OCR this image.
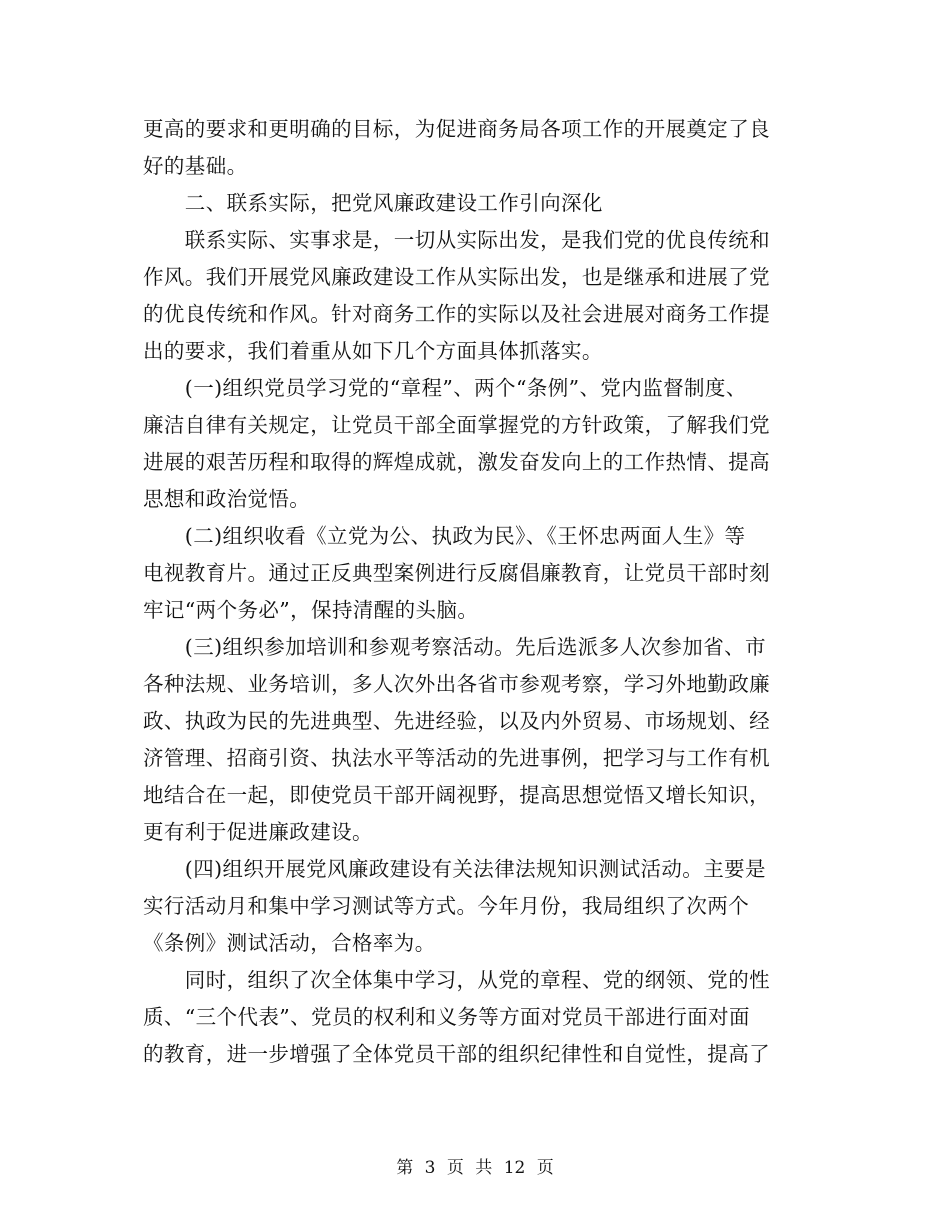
更高的要求和更明确的目标，为促进商务局各项工作的开展奠定了良
好的基础。
　　二、联系实际，把党风廉政建设工作引向深化
　　联系实际、实事求是，一切从实际出发，是我们党的优良传统和
作风。我们开展党风廉政建设工作从实际出发，也是继承和进展了党
的优良传统和作风。针对商务工作的实际以及社会进展对商务工作提
出的要求，我们着重从如下几个方面具体抓落实。
　　(一)组织党员学习党的“章程”、两个“条例”、党内监督制度、
廉洁自律有关规定，让党员干部全面掌握党的方针政策，了解我们党
进展的艰苦历程和取得的辉煌成就，激发奋发向上的工作热情、提高
思想和政治觉悟。
　　(二)组织收看《立党为公、执政为民》、《王怀忠两面人生》等
电视教育片。通过正反典型案例进行反腐倡廉教育，让党员干部时刻
牢记“两个务必”，保持清醒的头脑。
　　(三)组织参加培训和参观考察活动。先后选派多人次参加省、市
各种法规、业务培训，多人次外出各省市参观考察，学习外地勤政廉
政、执政为民的先进典型、先进经验，以及内外贸易、市场规划、经
济管理、招商引资、执法水平等活动的先进事例，把学习与工作有机
地结合在一起，即使党员干部开阔视野，提高思想觉悟又增长知识，
更有利于促进廉政建设。
　　(四)组织开展党风廉政建设有关法律法规知识测试活动。主要是
实行活动月和集中学习测试等方式。今年月份，我局组织了次两个
《条例》测试活动，合格率为。
　　同时，组织了次全体集中学习，从党的章程、党的纲领、党的性
质、“三个代表”、党员的权利和义务等方面对党员干部进行面对面
的教育，进一步增强了全体党员干部的组织纪律性和自觉性，提高了
第 3 页 共 12 页
